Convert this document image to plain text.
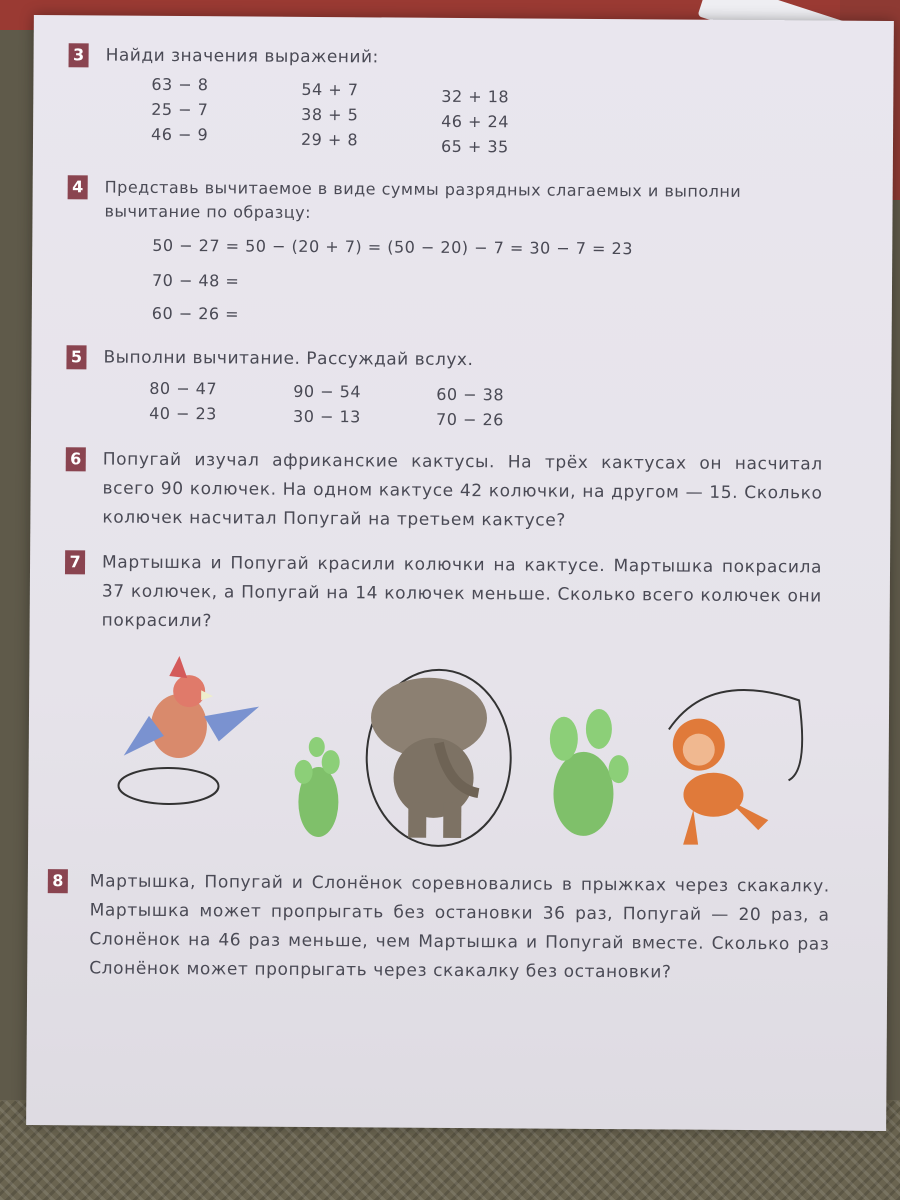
3 Найди значения выражений:
63 − 8
25 − 7
46 − 9
54 + 7
38 + 5
29 + 8
32 + 18
46 + 24
65 + 35
4 Представь вычитаемое в виде суммы разрядных слагаемых и выполни
вычитание по образцу:
50 − 27 = 50 − (20 + 7) = (50 − 20) − 7 = 30 − 7 = 23
70 − 48 =
60 − 26 =
5 Выполни вычитание. Рассуждай вслух.
80 − 47
40 − 23
90 − 54
30 − 13
60 − 38
70 − 26
6 Попугай изучал африканские кактусы. На трёх кактусах он насчитал всего 90 колючек. На одном кактусе 42 колючки, на другом — 15. Сколько колючек насчитал Попугай на третьем кактусе?
7 Мартышка и Попугай красили колючки на кактусе. Мартышка покрасила 37 колючек, а Попугай на 14 колючек меньше. Сколько всего колючек они покрасили?
8 Мартышка, Попугай и Слонёнок соревновались в прыжках через скакалку. Мартышка может пропрыгать без остановки 36 раз, Попугай — 20 раз, а Слонёнок на 46 раз меньше, чем Мартышка и Попугай вместе. Сколько раз Слонёнок может пропрыгать через скакалку без остановки?
